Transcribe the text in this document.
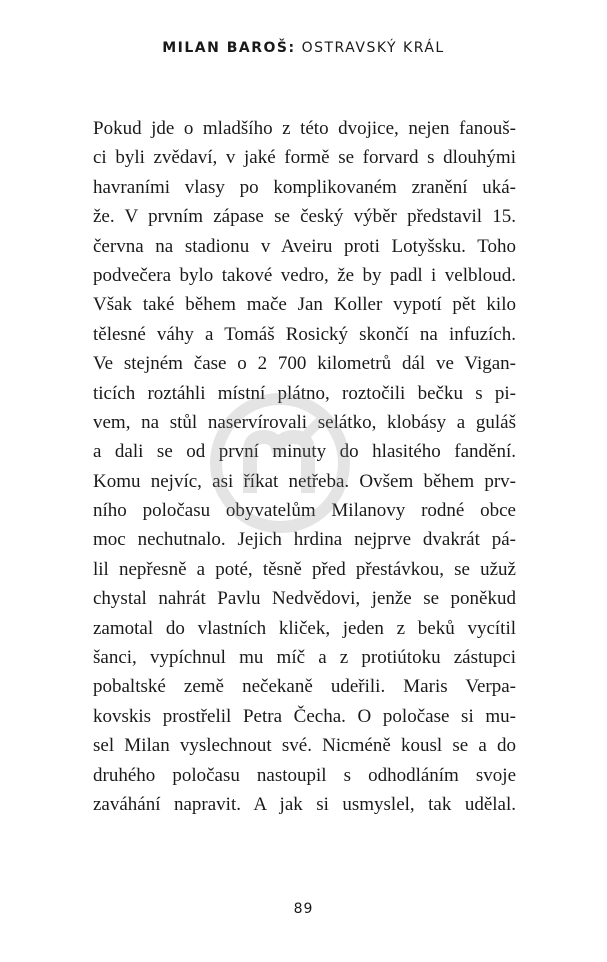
MILAN BAROŠ: OSTRAVSKÝ KRÁL
Pokud jde o mladšího z této dvojice, nejen fanouš-
ci byli zvědaví, v jaké formě se forvard s dlouhými
havraními vlasy po komplikovaném zranění uká-
že. V prvním zápase se český výběr představil 15.
června na stadionu v Aveiru proti Lotyšsku. Toho
podvečera bylo takové vedro, že by padl i velbloud.
Však také během mače Jan Koller vypotí pět kilo
tělesné váhy a Tomáš Rosický skončí na infuzích.
Ve stejném čase o 2 700 kilometrů dál ve Vigan-
ticích roztáhli místní plátno, roztočili bečku s pi-
vem, na stůl naservírovali selátko, klobásy a guláš
a dali se od první minuty do hlasitého fandění.
Komu nejvíc, asi říkat netřeba. Ovšem během prv-
ního poločasu obyvatelům Milanovy rodné obce
moc nechutnalo. Jejich hrdina nejprve dvakrát pá-
lil nepřesně a poté, těsně před přestávkou, se užuž
chystal nahrát Pavlu Nedvědovi, jenže se poněkud
zamotal do vlastních kliček, jeden z beků vycítil
šanci, vypíchnul mu míč a z protiútoku zástupci
pobaltské země nečekaně udeřili. Maris Verpa-
kovskis prostřelil Petra Čecha. O poločase si mu-
sel Milan vyslechnout své. Nicméně kousl se a do
druhého poločasu nastoupil s odhodláním svoje
zaváhání napravit. A jak si usmyslel, tak udělal.
89
